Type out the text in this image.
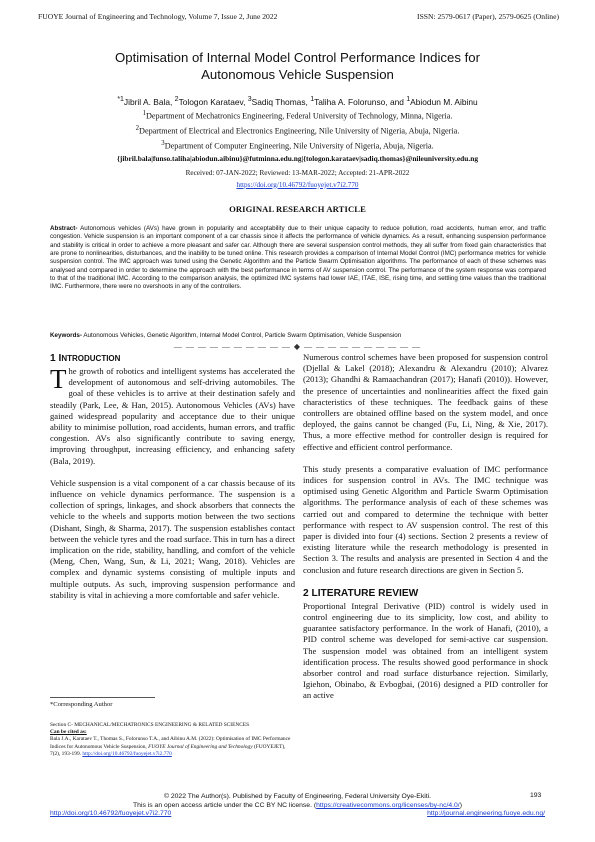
FUOYE Journal of Engineering and Technology, Volume 7, Issue 2, June 2022	ISSN: 2579-0617 (Paper), 2579-0625 (Online)
Optimisation of Internal Model Control Performance Indices for
Autonomous Vehicle Suspension
$^{*1}$Jibril A. Bala, $^2$Tologon Karataev, $^3$Sadiq Thomas, $^1$Taliha A. Folorunso, and $^1$Abiodun M. Aibinu
$^1$Department of Mechatronics Engineering, Federal University of Technology, Minna, Nigeria.
$^2$Department of Electrical and Electronics Engineering, Nile University of Nigeria, Abuja, Nigeria.
$^3$Department of Computer Engineering, Nile University of Nigeria, Abuja, Nigeria.
{jibril.bala|funso.taliha|abiodun.aibinu}@futminna.edu.ng|{tologon.karataev|sadiq.thomas}@nileuniversity.edu.ng
Received: 07-JAN-2022; Reviewed: 13-MAR-2022; Accepted: 21-APR-2022
https://doi.org/10.46792/fuoyejet.v7i2.770
ORIGINAL RESEARCH ARTICLE
Abstract- Autonomous vehicles (AVs) have grown in popularity and acceptability due to their unique capacity to reduce pollution, road accidents, human error, and traffic congestion. Vehicle suspension is an important component of a car chassis since it affects the performance of vehicle dynamics. As a result, enhancing suspension performance and stability is critical in order to achieve a more pleasant and safer car. Although there are several suspension control methods, they all suffer from fixed gain characteristics that are prone to nonlinearities, disturbances, and the inability to be tuned online. This research provides a comparison of Internal Model Control (IMC) performance metrics for vehicle suspension control. The IMC approach was tuned using the Genetic Algorithm and the Particle Swarm Optimisation algorithms. The performance of each of these schemes was analysed and compared in order to determine the approach with the best performance in terms of AV suspension control. The performance of the system response was compared to that of the traditional IMC. According to the comparison analysis, the optimized IMC systems had lower IAE, ITAE, ISE, rising time, and settling time values than the traditional IMC. Furthermore, there were no overshoots in any of the controllers.
Keywords- Autonomous Vehicles, Genetic Algorithm, Internal Model Control, Particle Swarm Optimisation, Vehicle Suspension
— — — — — — — — — — ◆ — — — — — — — — — —
1 INTRODUCTION

The growth of robotics and intelligent systems has accelerated the development of autonomous and self-driving automobiles. The goal of these vehicles is to arrive at their destination safely and steadily (Park, Lee, & Han, 2015). Autonomous Vehicles (AVs) have gained widespread popularity and acceptance due to their unique ability to minimise pollution, road accidents, human errors, and traffic congestion. AVs also significantly contribute to saving energy, improving throughput, increasing efficiency, and enhancing safety (Bala, 2019).

Vehicle suspension is a vital component of a car chassis because of its influence on vehicle dynamics performance. The suspension is a collection of springs, linkages, and shock absorbers that connects the vehicle to the wheels and supports motion between the two sections (Dishant, Singh, & Sharma, 2017). The suspension establishes contact between the vehicle tyres and the road surface. This in turn has a direct implication on the ride, stability, handling, and comfort of the vehicle (Meng, Chen, Wang, Sun, & Li, 2021; Wang, 2018). Vehicles are complex and dynamic systems consisting of multiple inputs and multiple outputs. As such, improving suspension performance and stability is vital in achieving a more comfortable and safer vehicle.

Numerous control schemes have been proposed for suspension control (Djellal & Lakel (2018); Alexandru & Alexandru (2010); Alvarez (2013); Ghandhi & Ramaachandran (2017); Hanafi (2010)). However, the presence of uncertainties and nonlinearities affect the fixed gain characteristics of these techniques. The feedback gains of these controllers are obtained offline based on the system model, and once deployed, the gains cannot be changed (Fu, Li, Ning, & Xie, 2017). Thus, a more effective method for controller design is required for effective and efficient control performance.

This study presents a comparative evaluation of IMC performance indices for suspension control in AVs. The IMC technique was optimised using Genetic Algorithm and Particle Swarm Optimisation algorithms. The performance analysis of each of these schemes was carried out and compared to determine the technique with better performance with respect to AV suspension control. The rest of this paper is divided into four (4) sections. Section 2 presents a review of existing literature while the research methodology is presented in Section 3. The results and analysis are presented in Section 4 and the conclusion and future research directions are given in Section 5.

2 LITERATURE REVIEW

Proportional Integral Derivative (PID) control is widely used in control engineering due to its simplicity, low cost, and ability to guarantee satisfactory performance. In the work of Hanafi, (2010), a PID control scheme was developed for semi-active car suspension. The suspension model was obtained from an intelligent system identification process. The results showed good performance in shock absorber control and road surface disturbance rejection. Similarly, Igiehon, Obinabo, & Evbogbai, (2016) designed a PID controller for an active

*Corresponding Author
Section C- MECHANICAL/MECHATRONICS ENGINEERING & RELATED SCIENCES
Can be cited as:
Bala J.A., Karataev T., Thomas S., Folorunso T.A., and Aibinu A.M. (2022): Optimisation of IMC Performance Indices for Autonomous Vehicle Suspension, FUOYE Journal of Engineering and Technology (FUOYEJET), 7(2), 193-199. http://doi.org/10.46792/fuoyejet.v7i2.770
© 2022 The Author(s). Published by Faculty of Engineering, Federal University Oye-Ekiti.
This is an open access article under the CC BY NC license. (https://creativecommons.org/licenses/by-nc/4.0/)
193
http://doi.org/10.46792/fuoyejet.v7i2.770	http://journal.engineering.fuoye.edu.ng/
